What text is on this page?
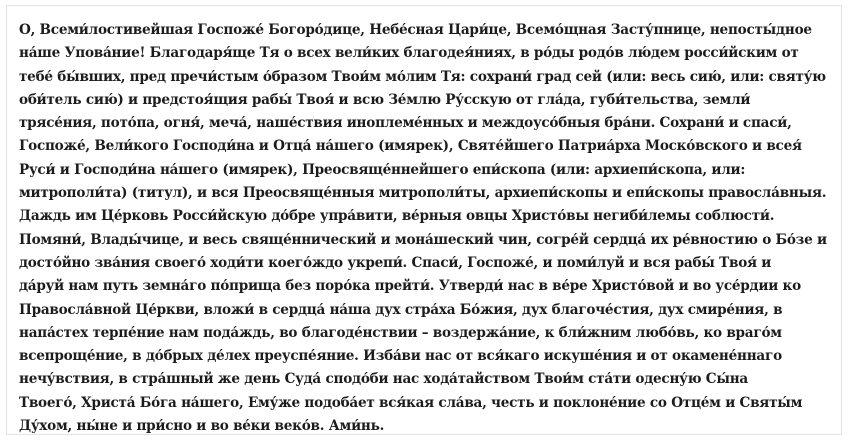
О, Всеми́лостивейшая Госпоже́ Богоро́дице, Небе́сная Цари́це, Всемо́щная Засту́пнице, непосты́дное
на́ше Упова́ние! Благодаря́ще Тя о всех вели́ких благодея́ниях, в ро́ды родо́в лю́дем росси́йским от
тебе́ бы́вших, пред пречи́стым о́бразом Твои́м мо́лим Тя: сохрани́ град сей (или: весь сию́, или: святу́ю
оби́тель сию́) и предстоя́щия рабы́ Твоя́ и всю Зе́млю Ру́сскую от гла́да, губи́тельства, земли́
трясе́ния, пото́па, огня́, меча́, наше́ствия иноплеме́нных и междоусо́бныя бра́ни. Сохрани́ и спаси́,
Госпоже́, Вели́кого Господи́на и Отца́ на́шего (имярек), Святе́йшего Патриа́рха Моско́вского и всея́
Руси́ и Господи́на на́шего (имярек), Преосвяще́ннейшего епи́скопа (или: архиепи́скопа, или:
митрополи́та) (титул), и вся Преосвяще́нныя митрополи́ты, архиепи́скопы и епи́скопы правосла́вныя.
Даждь им Це́рковь Росси́йскую до́бре упра́вити, ве́рныя овцы Христо́вы негиби́лемы соблюсти́.
Помяни́, Влады́чице, и весь свяще́ннический и мона́шеский чин, согре́й сердца́ их ре́вностию о Бо́зе и
досто́йно зва́ния своего́ ходи́ти коего́ждо укрепи́. Спаси́, Госпоже́, и поми́луй и вся рабы́ Твоя́ и
да́руй нам путь земна́го по́прища без поро́ка прейти́. Утверди́ нас в ве́ре Христо́вой и во усе́рдии ко
Правосла́вной Це́ркви, вложи́ в сердца́ на́ша дух стра́ха Бо́жия, дух благоче́стия, дух смире́ния, в
напа́стех терпе́ние нам пода́ждь, во благоде́нствии – воздержа́ние, к бли́жним любо́вь, ко враго́м
всепроще́ние, в до́брых де́лех преуспе́яние. Изба́ви нас от вся́каго искуше́ния и от окамене́ннаго
нечу́вствия, в стра́шный же день Суда́ сподо́би нас хода́тайством Твои́м ста́ти одесну́ю Сы́на
Твоего́, Христа́ Бо́га на́шего, Ему́же подоба́ет вся́кая сла́ва, честь и поклоне́ние со Отце́м и Святы́м
Ду́хом, ны́не и при́сно и во ве́ки веко́в. Ами́нь.
